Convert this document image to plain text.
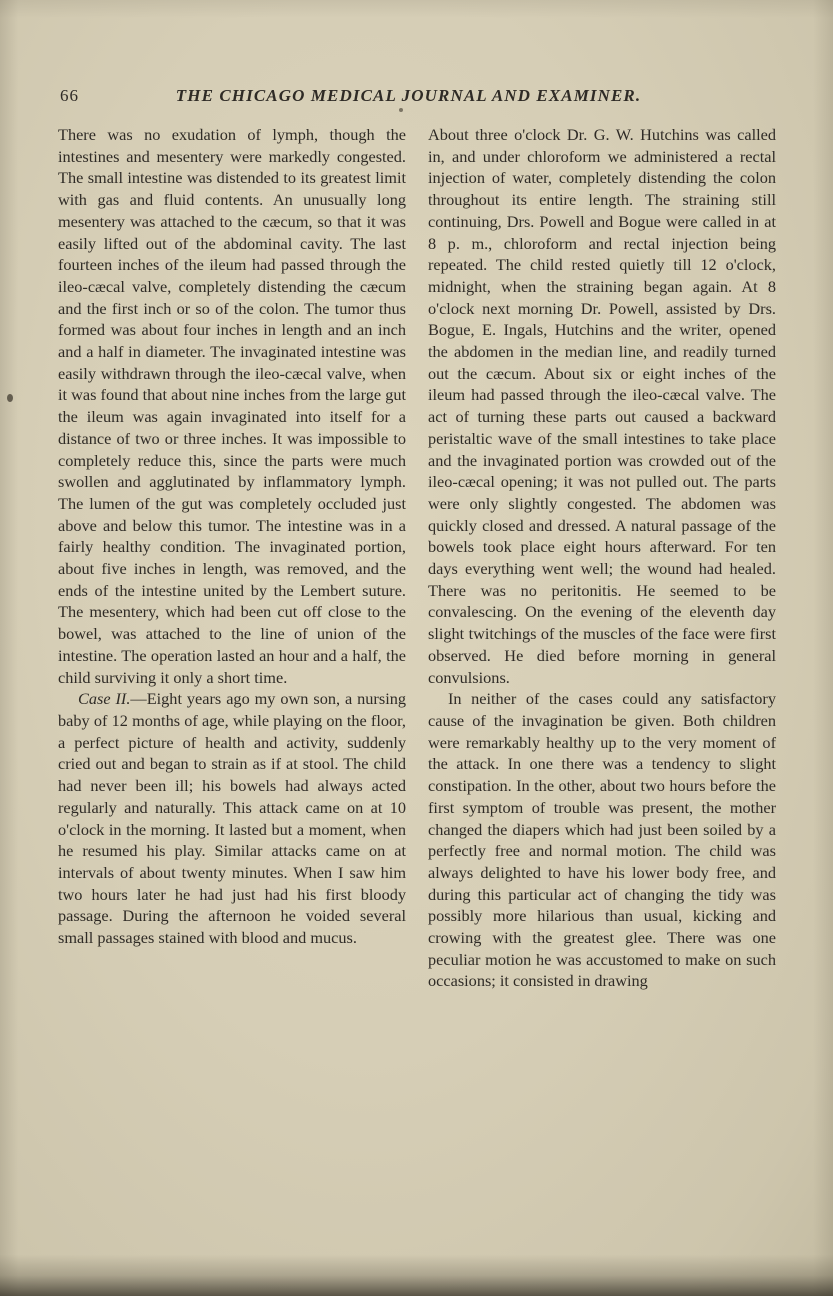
66	THE CHICAGO MEDICAL JOURNAL AND EXAMINER.

There was no exudation of lymph, though the intestines and mesentery were markedly congested. The small intestine was distended to its greatest limit with gas and fluid contents. An unusually long mesentery was attached to the cæcum, so that it was easily lifted out of the abdominal cavity. The last fourteen inches of the ileum had passed through the ileo-cæcal valve, completely distending the cæcum and the first inch or so of the colon. The tumor thus formed was about four inches in length and an inch and a half in diameter. The invaginated intestine was easily withdrawn through the ileo-cæcal valve, when it was found that about nine inches from the large gut the ileum was again invaginated into itself for a distance of two or three inches. It was impossible to completely reduce this, since the parts were much swollen and agglutinated by inflammatory lymph. The lumen of the gut was completely occluded just above and below this tumor. The intestine was in a fairly healthy condition. The invaginated portion, about five inches in length, was removed, and the ends of the intestine united by the Lembert suture. The mesentery, which had been cut off close to the bowel, was attached to the line of union of the intestine. The operation lasted an hour and a half, the child surviving it only a short time.

Case II.—Eight years ago my own son, a nursing baby of 12 months of age, while playing on the floor, a perfect picture of health and activity, suddenly cried out and began to strain as if at stool. The child had never been ill; his bowels had always acted regularly and naturally. This attack came on at 10 o'clock in the morning. It lasted but a moment, when he resumed his play. Similar attacks came on at intervals of about twenty minutes. When I saw him two hours later he had just had his first bloody passage. During the afternoon he voided several small passages stained with blood and mucus.

About three o'clock Dr. G. W. Hutchins was called in, and under chloroform we administered a rectal injection of water, completely distending the colon throughout its entire length. The straining still continuing, Drs. Powell and Bogue were called in at 8 p. m., chloroform and rectal injection being repeated. The child rested quietly till 12 o'clock, midnight, when the straining began again. At 8 o'clock next morning Dr. Powell, assisted by Drs. Bogue, E. Ingals, Hutchins and the writer, opened the abdomen in the median line, and readily turned out the cæcum. About six or eight inches of the ileum had passed through the ileo-cæcal valve. The act of turning these parts out caused a backward peristaltic wave of the small intestines to take place and the invaginated portion was crowded out of the ileo-cæcal opening; it was not pulled out. The parts were only slightly congested. The abdomen was quickly closed and dressed. A natural passage of the bowels took place eight hours afterward. For ten days everything went well; the wound had healed. There was no peritonitis. He seemed to be convalescing. On the evening of the eleventh day slight twitchings of the muscles of the face were first observed. He died before morning in general convulsions.

In neither of the cases could any satisfactory cause of the invagination be given. Both children were remarkably healthy up to the very moment of the attack. In one there was a tendency to slight constipation. In the other, about two hours before the first symptom of trouble was present, the mother changed the diapers which had just been soiled by a perfectly free and normal motion. The child was always delighted to have his lower body free, and during this particular act of changing the tidy was possibly more hilarious than usual, kicking and crowing with the greatest glee. There was one peculiar motion he was accustomed to make on such occasions; it consisted in drawing
